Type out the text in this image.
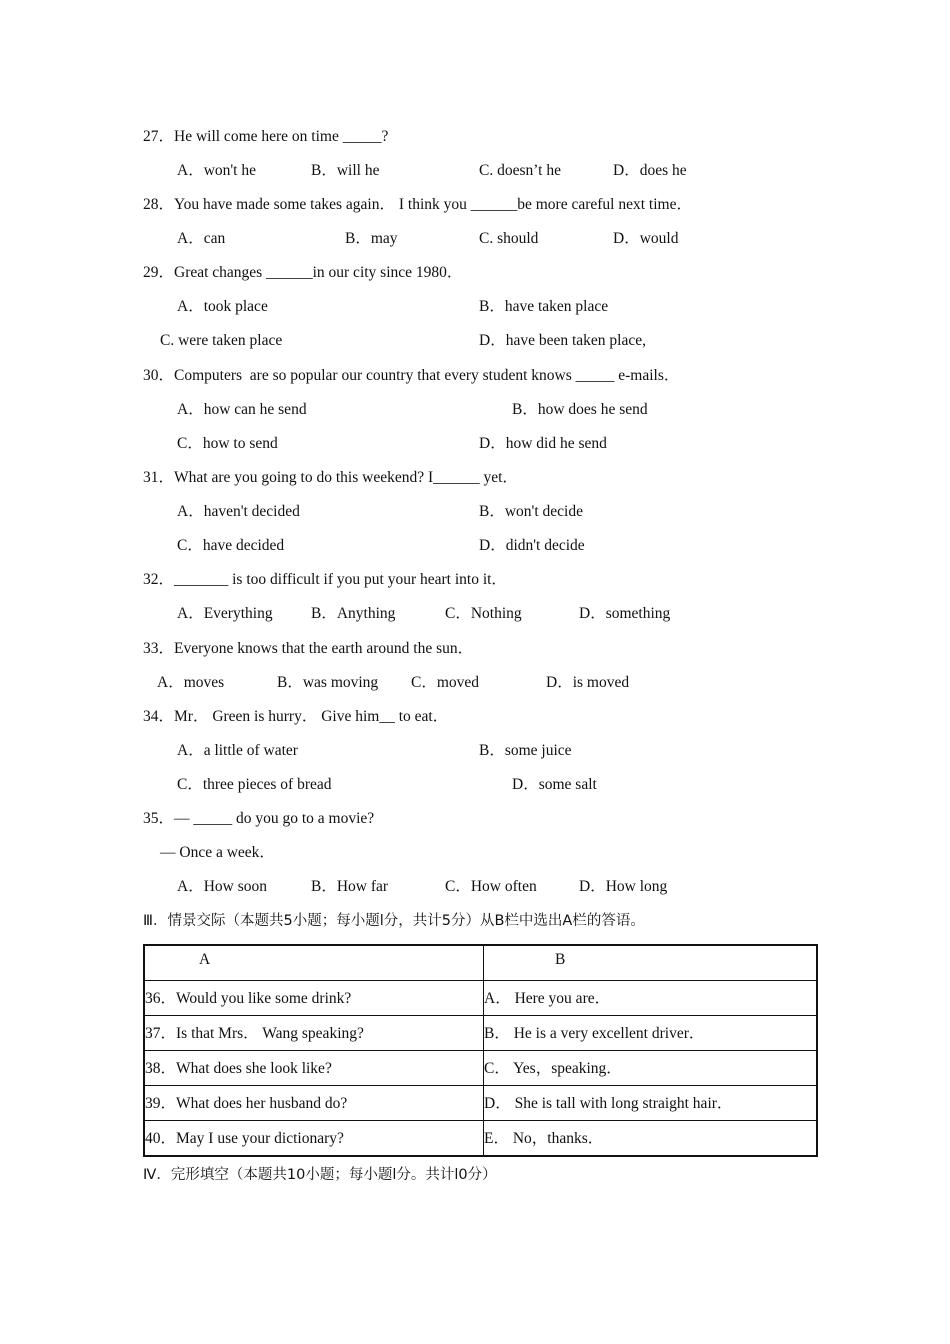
27．He will come here on time _____?
A．won't he	B．will he	C. doesn’t he	D．does he
28．You have made some takes again． I think you ______be more careful next time．
A．can	B．may	C. should	D．would
29．Great changes ______in our city since 1980．
A．took place	B．have taken place
C. were taken place	D．have been taken place,
30．Computers  are so popular our country that every student knows _____ e-mails．
A．how can he send	B．how does he send
C．how to send	D．how did he send
31．What are you going to do this weekend? I______ yet．
A．haven't decided	B．won't decide
C．have decided	D．didn't decide
32．_______ is too difficult if you put your heart into it．
A．Everything B．Anything	C．Nothing	D．something
33．Everyone knows that the earth around the sun．
A．moves	B．was moving C．moved	D．is moved
34．Mr． Green is hurry． Give him__ to eat．
A．a little of water	B．some juice
C．three pieces of bread	D．some salt
35．— _____ do you go to a movie?
— Once a week．
A．How soon	B．How far	C．How often	D．How long
Ⅲ．情景交际（本题共5小题；每小题l分，共计5分）从B栏中选出A栏的答语。
A	B

36．Would you like some drink?	A． Here you are．

37．Is that Mrs． Wang speaking?	B． He is a very excellent driver．

38．What does she look like?	C． Yes，speaking．

39．What does her husband do?	D． She is tall with long straight hair．

40．May I use your dictionary?	E． No，thanks．
Ⅳ．完形填空（本题共10小题；每小题l分。共计l0分）
